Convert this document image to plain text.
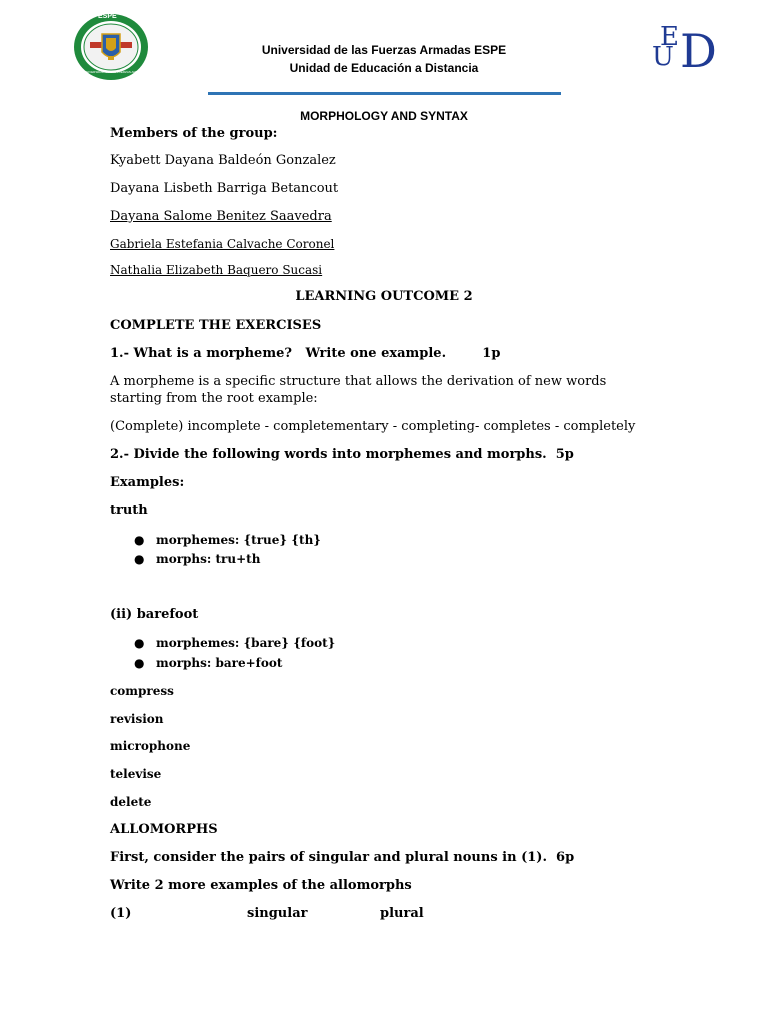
ESPE
UNIVERSIDAD DE LAS FUERZAS ARMADAS
E
U D
Universidad de las Fuerzas Armadas ESPE
Unidad de Educación a Distancia
MORPHOLOGY AND SYNTAX
Members of the group:
Kyabett Dayana Baldeón Gonzalez
Dayana Lisbeth Barriga Betancout
Dayana Salome Benitez Saavedra
Gabriela Estefania Calvache Coronel
Nathalia Elizabeth Baquero Sucasi
LEARNING OUTCOME 2
COMPLETE THE EXERCISES
1.- What is a morpheme?   Write one example.        1p
A morpheme is a specific structure that allows the derivation of new words starting from the root example:
(Complete) incomplete - completementary - completing- completes - completely
2.- Divide the following words into morphemes and morphs.  5p
Examples:
truth
● morphemes: {true} {th}
● morphs: tru+th
(ii) barefoot
● morphemes: {bare} {foot}
● morphs: bare+foot
compress
revision
microphone
televise
delete
ALLOMORPHS
First, consider the pairs of singular and plural nouns in (1).  6p
Write 2 more examples of the allomorphs
(1)	singular	plural
